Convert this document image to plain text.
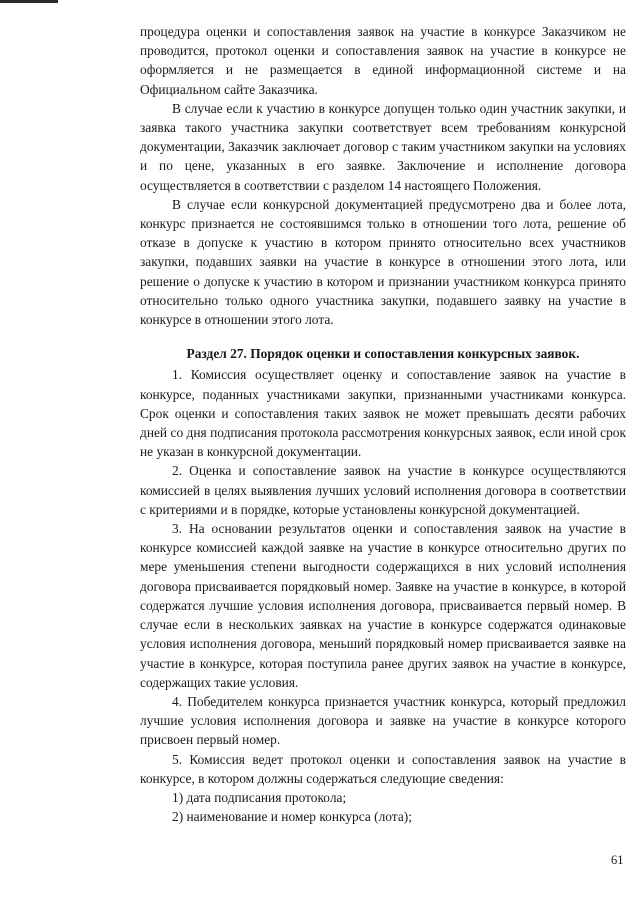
процедура оценки и сопоставления заявок на участие в конкурсе Заказчиком не проводится, протокол оценки и сопоставления заявок на участие в конкурсе не оформляется и не размещается в единой информационной системе и на Официальном сайте Заказчика.

В случае если к участию в конкурсе допущен только один участник закупки, и заявка такого участника закупки соответствует всем требованиям конкурсной документации, Заказчик заключает договор с таким участником закупки на условиях и по цене, указанных в его заявке. Заключение и исполнение договора осуществляется в соответствии с разделом 14 настоящего Положения.

В случае если конкурсной документацией предусмотрено два и более лота, конкурс признается не состоявшимся только в отношении того лота, решение об отказе в допуске к участию в котором принято относительно всех участников закупки, подавших заявки на участие в конкурсе в отношении этого лота, или решение о допуске к участию в котором и признании участником конкурса принято относительно только одного участника закупки, подавшего заявку на участие в конкурсе в отношении этого лота.

Раздел 27. Порядок оценки и сопоставления конкурсных заявок.

1. Комиссия осуществляет оценку и сопоставление заявок на участие в конкурсе, поданных участниками закупки, признанными участниками конкурса. Срок оценки и сопоставления таких заявок не может превышать десяти рабочих дней со дня подписания протокола рассмотрения конкурсных заявок, если иной срок не указан в конкурсной документации.

2. Оценка и сопоставление заявок на участие в конкурсе осуществляются комиссией в целях выявления лучших условий исполнения договора в соответствии с критериями и в порядке, которые установлены конкурсной документацией.

3. На основании результатов оценки и сопоставления заявок на участие в конкурсе комиссией каждой заявке на участие в конкурсе относительно других по мере уменьшения степени выгодности содержащихся в них условий исполнения договора присваивается порядковый номер. Заявке на участие в конкурсе, в которой содержатся лучшие условия исполнения договора, присваивается первый номер. В случае если в нескольких заявках на участие в конкурсе содержатся одинаковые условия исполнения договора, меньший порядковый номер присваивается заявке на участие в конкурсе, которая поступила ранее других заявок на участие в конкурсе, содержащих такие условия.

4. Победителем конкурса признается участник конкурса, который предложил лучшие условия исполнения договора и заявке на участие в конкурсе которого присвоен первый номер.

5. Комиссия ведет протокол оценки и сопоставления заявок на участие в конкурсе, в котором должны содержаться следующие сведения:

1) дата подписания протокола;

2) наименование и номер конкурса (лота);

61
